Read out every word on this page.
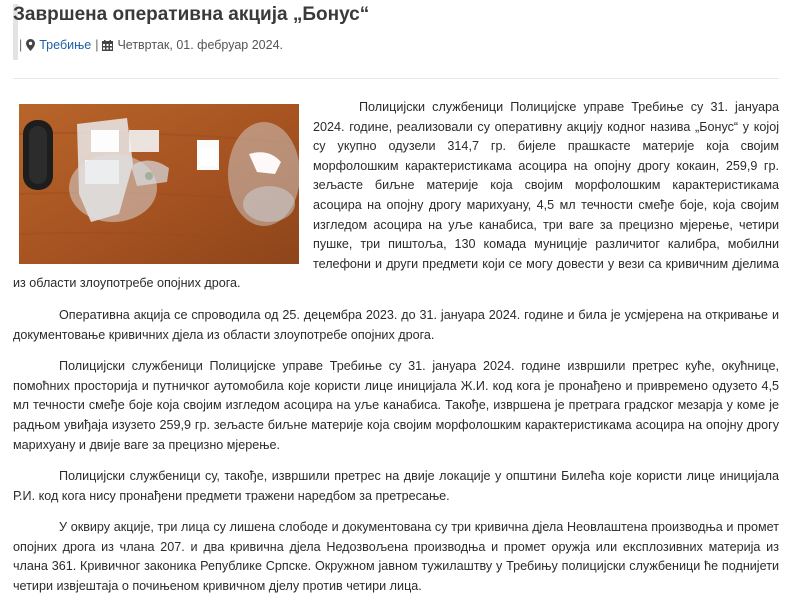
Завршена оперативна акција „Бонус“
| Требиње | Четвртак, 01. фебруар 2024.

Полицијски службеници Полицијске управе Требиње су 31. јануара 2024. године, реализовали су оперативну акцију кодног назива „Бонус“ у којој су укупно одузели 314,7 гр. бијеле прашкасте материје која својим морфолошким карактеристикама асоцира на опојну дрогу кокаин, 259,9 гр. зељасте биљне материје која својим морфолошким карактеристикама асоцира на опојну дрогу марихуану, 4,5 мл течности смеђе боје, која својим изгледом асоцира на уље канабиса, три ваге за прецизно мјерење, четири пушке, три пиштоља, 130 комада муниције различитог калибра, мобилни телефони и други предмети који се могу довести у вези са кривичним дјелима из области злоупотребе опојних дрога.

Оперативна акција се спроводила од 25. децембра 2023. до 31. јануара 2024. године и била је усмјерена на откривање и документовање кривичних дјела из области злоупотребе опојних дрога.

Полицијски службеници Полицијске управе Требиње су 31. јануара 2024. године извршили претрес куће, окућнице, помоћних просторија и путничког аутомобила које користи лице иницијала Ж.И. код кога је пронађено и привремено одузето 4,5 мл течности смеђе боје која својим изгледом асоцира на уље канабиса. Такође, извршена је претрага градског мезарја у коме је радњом увиђаја изузето 259,9 гр. зељасте биљне материје која својим морфолошким карактеристикама асоцира на опојну дрогу марихуану и двије ваге за прецизно мјерење.

Полицијски службеници су, такође, извршили претрес на двије локације у општини Билећа које користи лице иницијала Р.И. код кога нису пронађени предмети тражени наредбом за претресање.

У оквиру акције, три лица су лишена слободе и документована су три кривична дјела Неовлаштена производња и промет опојних дрога из члана 207. и два кривична дјела Недозвољена производња и промет оружја или експлозивних материја из члана 361. Кривичног законика Републике Српске. Окружном јавном тужилаштву у Требињу полицијски службеници ће поднијети четири извјештаја о почињеном кривичном дјелу против четири лица.
